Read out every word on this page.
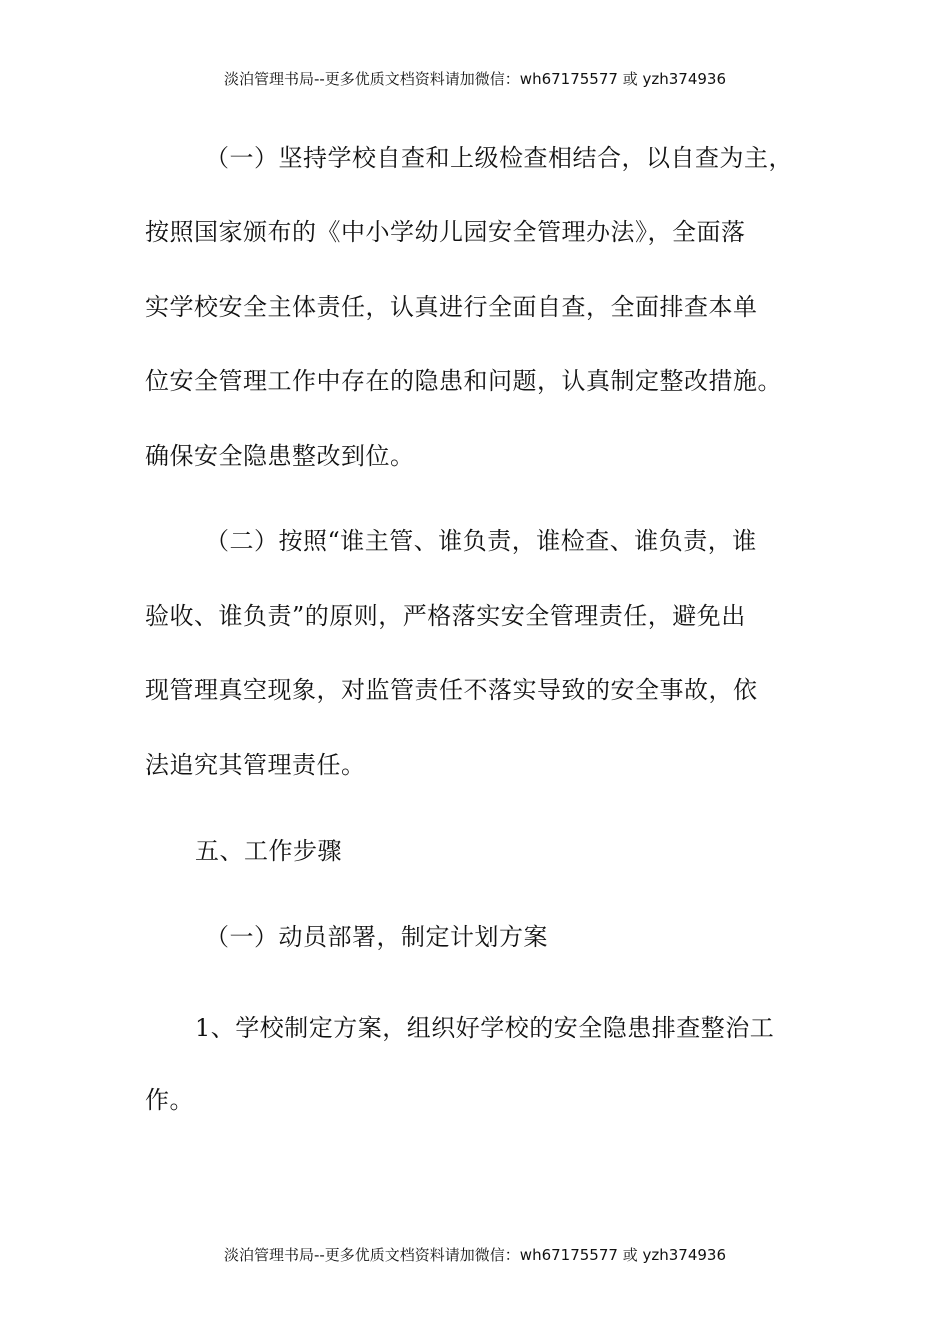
淡泊管理书局--更多优质文档资料请加微信：wh67175577 或 yzh374936
（一）坚持学校自查和上级检查相结合，以自查为主，
按照国家颁布的《中小学幼儿园安全管理办法》，全面落
实学校安全主体责任，认真进行全面自查，全面排查本单
位安全管理工作中存在的隐患和问题，认真制定整改措施。
确保安全隐患整改到位。
（二）按照“谁主管、谁负责，谁检查、谁负责，谁
验收、谁负责”的原则，严格落实安全管理责任，避免出
现管理真空现象，对监管责任不落实导致的安全事故，依
法追究其管理责任。
五、工作步骤
（一）动员部署，制定计划方案
1、学校制定方案，组织好学校的安全隐患排查整治工
作。
淡泊管理书局--更多优质文档资料请加微信：wh67175577 或 yzh374936
